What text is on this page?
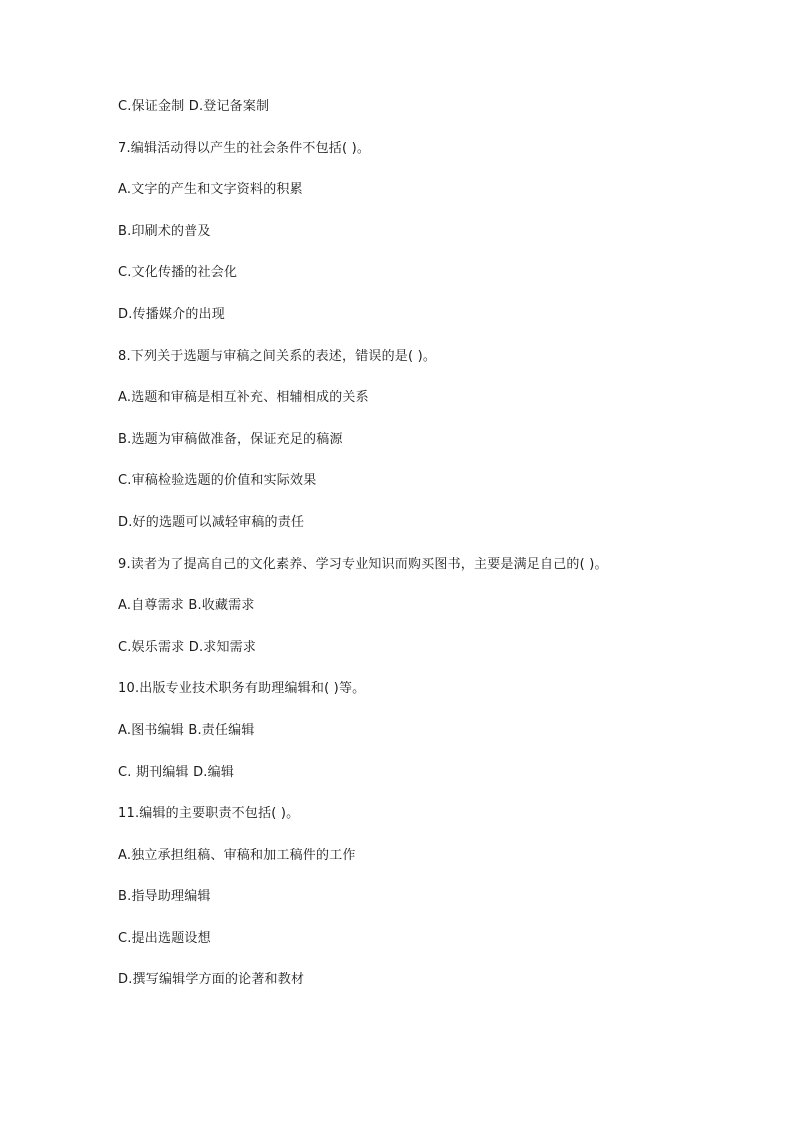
C.保证金制 D.登记备案制
7.编辑活动得以产生的社会条件不包括( )。
A.文字的产生和文字资料的积累
B.印刷术的普及
C.文化传播的社会化
D.传播媒介的出现
8.下列关于选题与审稿之间关系的表述，错误的是( )。
A.选题和审稿是相互补充、相辅相成的关系
B.选题为审稿做准备，保证充足的稿源
C.审稿检验选题的价值和实际效果
D.好的选题可以减轻审稿的责任
9.读者为了提高自己的文化素养、学习专业知识而购买图书，主要是满足自己的( )。
A.自尊需求 B.收藏需求
C.娱乐需求 D.求知需求
10.出版专业技术职务有助理编辑和( )等。
A.图书编辑 B.责任编辑
C. 期刊编辑 D.编辑
11.编辑的主要职责不包括( )。
A.独立承担组稿、审稿和加工稿件的工作
B.指导助理编辑
C.提出选题设想
D.撰写编辑学方面的论著和教材
